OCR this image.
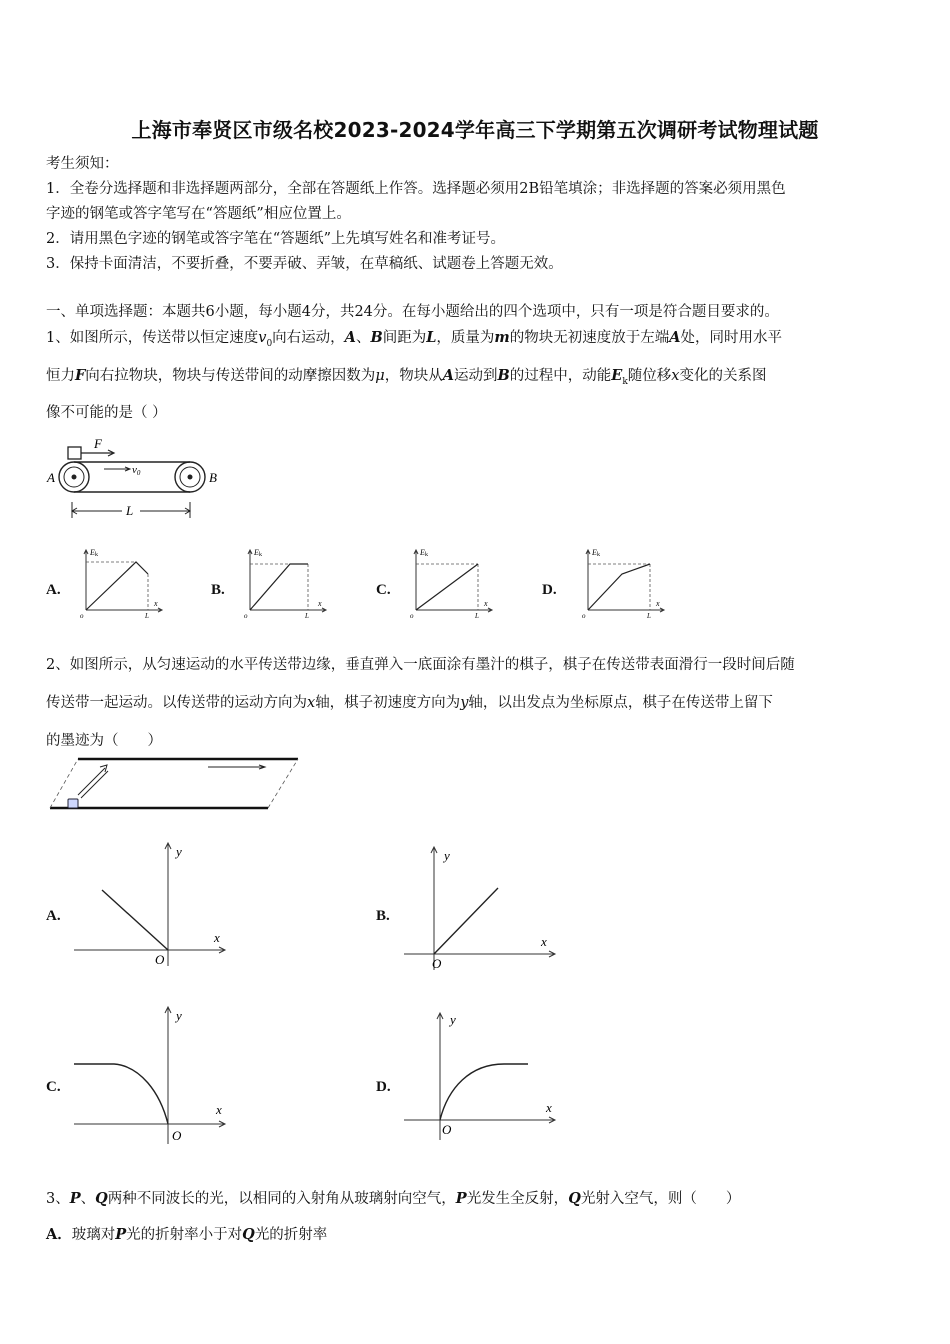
上海市奉贤区市级名校2023-2024学年高三下学期第五次调研考试物理试题
考生须知：
1．全卷分选择题和非选择题两部分，全部在答题纸上作答。选择题必须用2B铅笔填涂；非选择题的答案必须用黑色
字迹的钢笔或答字笔写在“答题纸”相应位置上。
2．请用黑色字迹的钢笔或答字笔在“答题纸”上先填写姓名和准考证号。
3．保持卡面清洁，不要折叠，不要弄破、弄皱，在草稿纸、试题卷上答题无效。
一、单项选择题：本题共6小题，每小题4分，共24分。在每小题给出的四个选项中，只有一项是符合题目要求的。
1、如图所示，传送带以恒定速度$v_0$向右运动，A、B间距为L，质量为m的物块无初速度放于左端A处，同时用水平
恒力F向右拉物块，物块与传送带间的动摩擦因数为μ，物块从A运动到B的过程中，动能$E_k$随位移x变化的关系图
像不可能的是（ ）
F
v0
A	B
L
A.
E k
x
o	L
B.
E k
x
o	L
C.
E k
x
o	L
D.
E k
x
o	L
2、如图所示，从匀速运动的水平传送带边缘，垂直弹入一底面涂有墨汁的棋子，棋子在传送带表面滑行一段时间后随
传送带一起运动。以传送带的运动方向为x轴，棋子初速度方向为y轴，以出发点为坐标原点，棋子在传送带上留下
的墨迹为（　　）
A.
y
x
O
B.
y
x
O
C.
y
x
O
D.
y
x
O
3、P、Q两种不同波长的光，以相同的入射角从玻璃射向空气，P光发生全反射，Q光射入空气，则（　　）
A．玻璃对P光的折射率小于对Q光的折射率
